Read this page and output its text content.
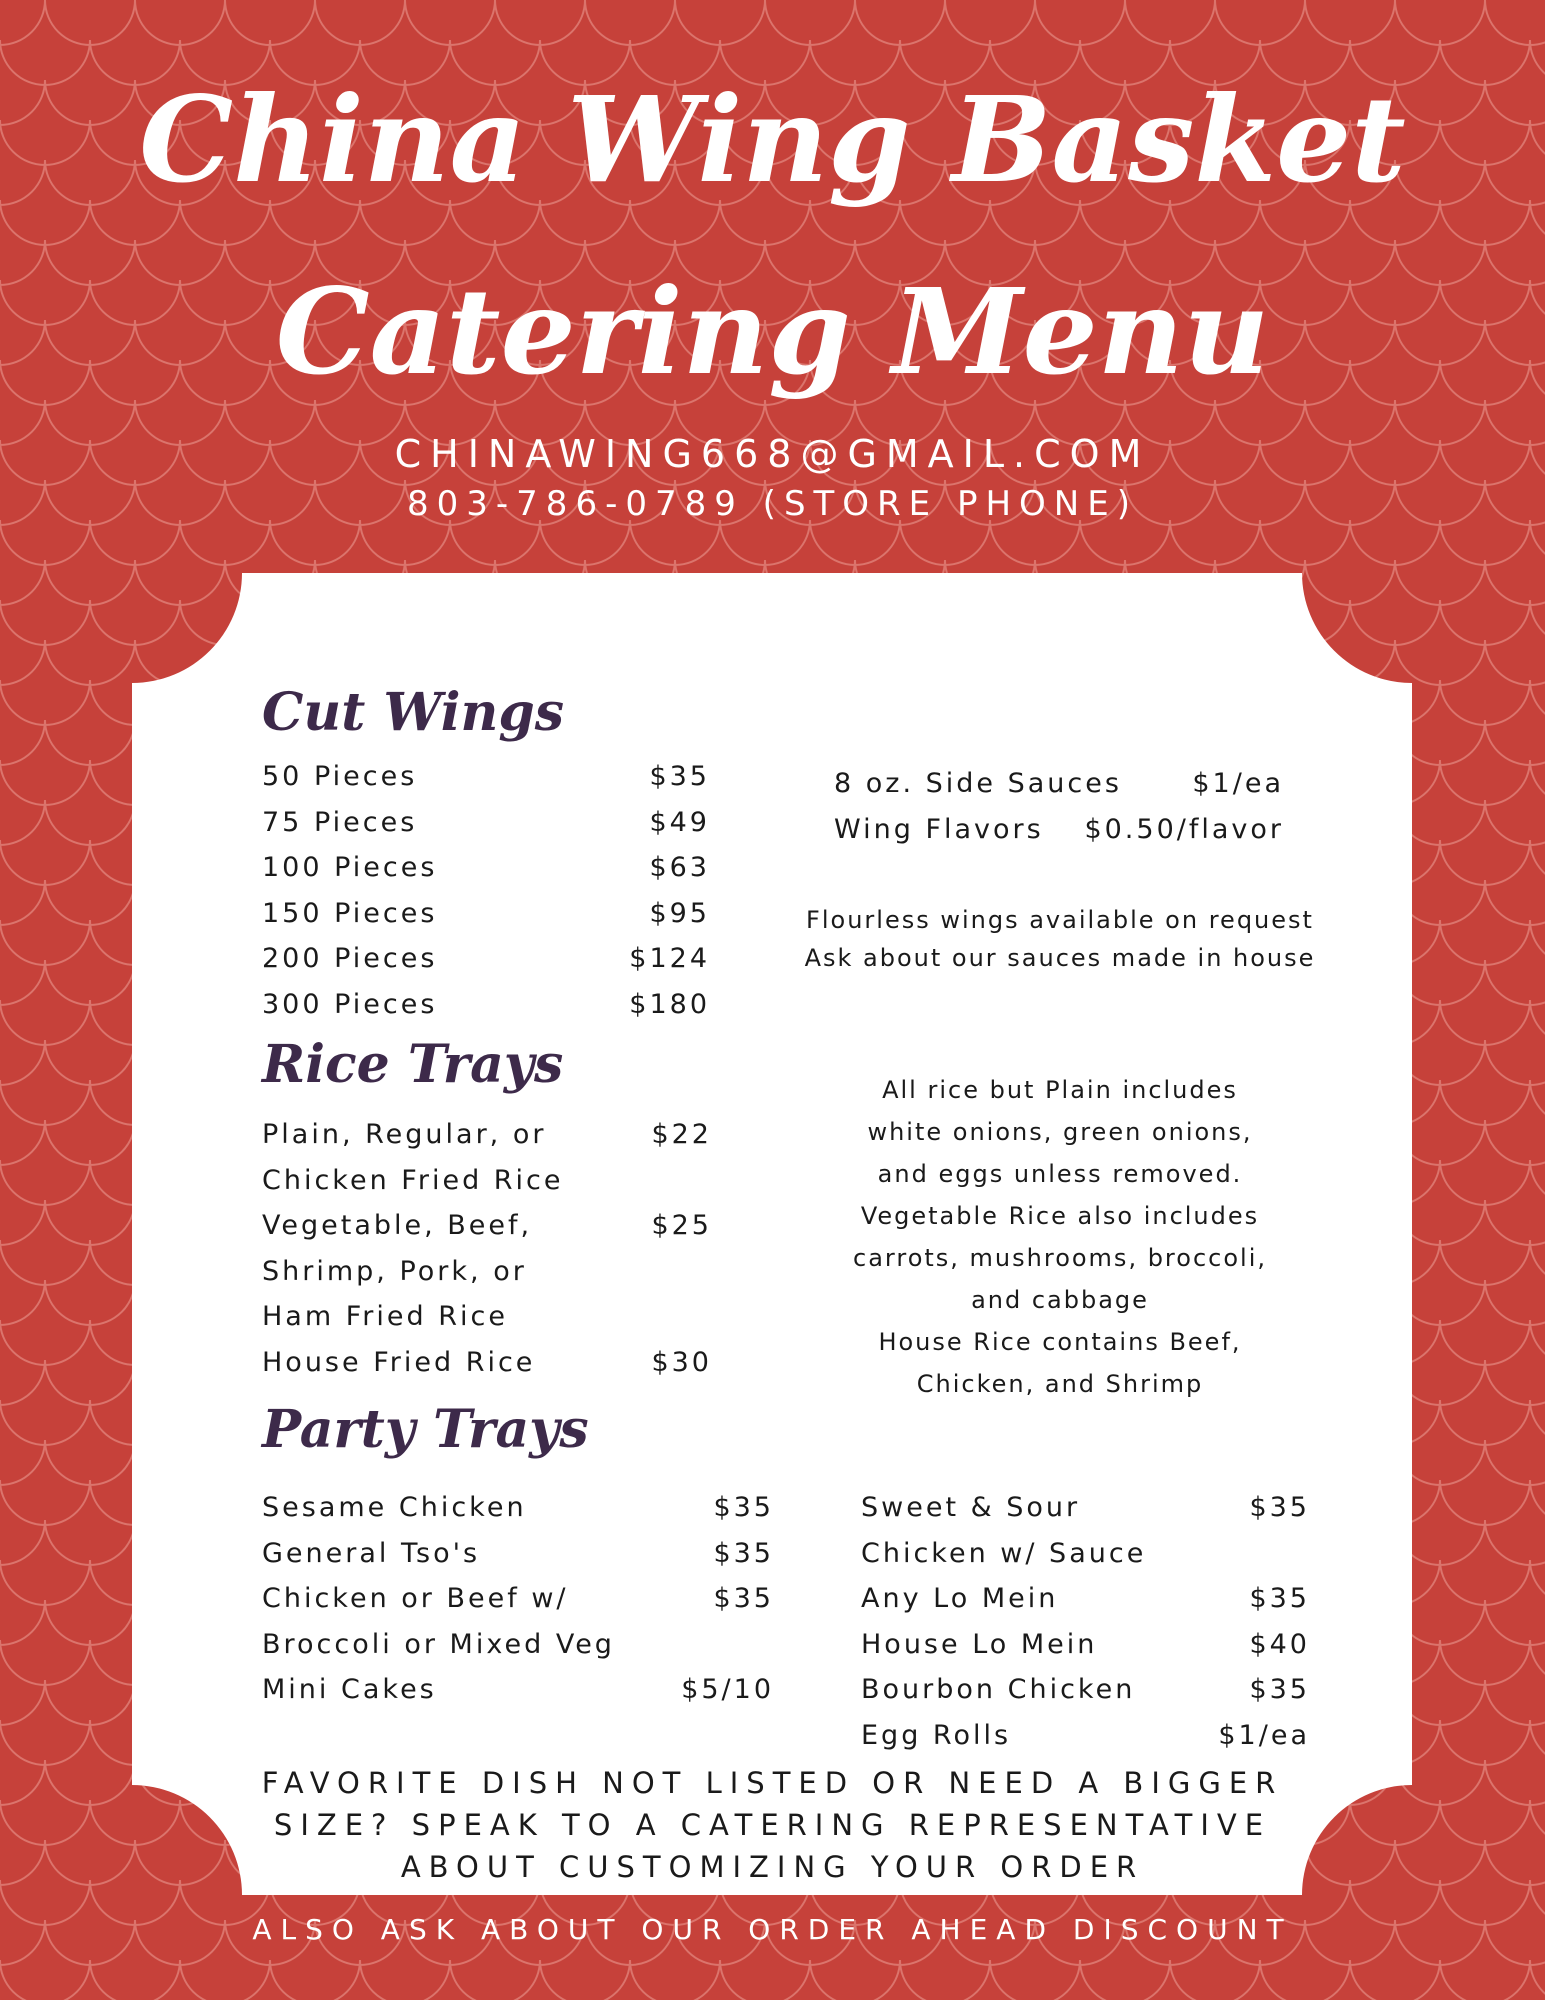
China Wing Basket
Catering Menu
CHINAWING668@GMAIL.COM
803-786-0789 (STORE PHONE)
Cut Wings
50 Pieces	$35
75 Pieces	$49
100 Pieces	$63
150 Pieces	$95
200 Pieces	$124
300 Pieces	$180
8 oz. Side Sauces	$1/ea
Wing Flavors $0.50/flavor
Flourless wings available on request
Ask about our sauces made in house
Rice Trays
Plain, Regular, or	$22
Chicken Fried Rice
Vegetable, Beef,	$25
Shrimp, Pork, or
Ham Fried Rice
House Fried Rice	$30
All rice but Plain includes
white onions, green onions,
and eggs unless removed.
Vegetable Rice also includes
carrots, mushrooms, broccoli,
and cabbage
House Rice contains Beef,
Chicken, and Shrimp
Party Trays
Sesame Chicken	$35
General Tso's	$35
Chicken or Beef w/	$35
Broccoli or Mixed Veg
Mini Cakes	$5/10
Sweet & Sour	$35
Chicken w/ Sauce
Any Lo Mein	$35
House Lo Mein	$40
Bourbon Chicken	$35
Egg Rolls	$1/ea
FAVORITE DISH NOT LISTED OR NEED A BIGGER
SIZE? SPEAK TO A CATERING REPRESENTATIVE
ABOUT CUSTOMIZING YOUR ORDER
ALSO ASK ABOUT OUR ORDER AHEAD DISCOUNT
